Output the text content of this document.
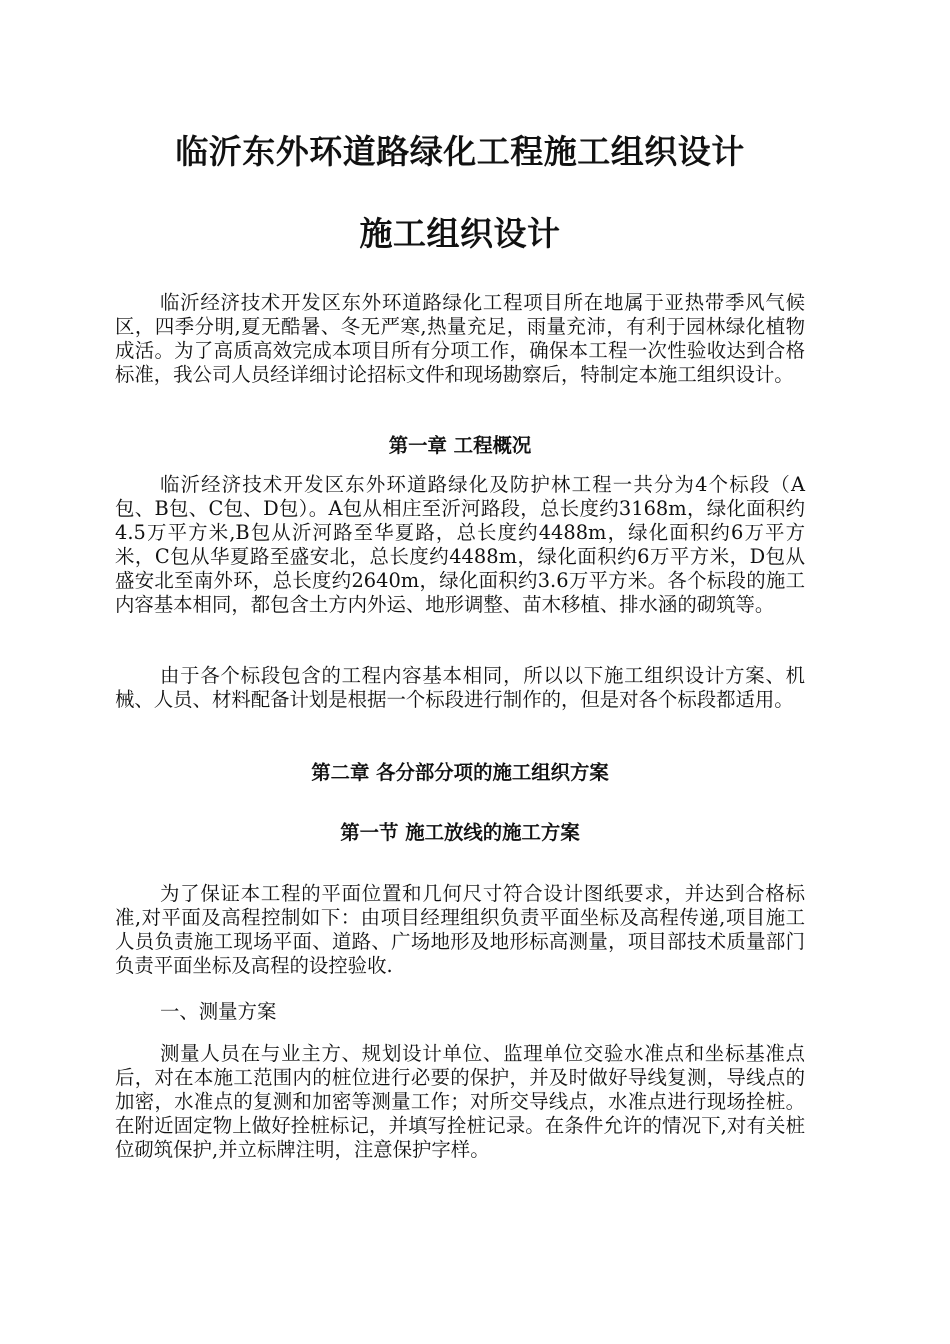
临沂东外环道路绿化工程施工组织设计
施工组织设计

临沂经济技术开发区东外环道路绿化工程项目所在地属于亚热带季风气候区，四季分明,夏无酷暑、冬无严寒,热量充足，雨量充沛，有利于园林绿化植物成活。为了高质高效完成本项目所有分项工作，确保本工程一次性验收达到合格标准，我公司人员经详细讨论招标文件和现场勘察后，特制定本施工组织设计。

第一章 工程概况

临沂经济技术开发区东外环道路绿化及防护林工程一共分为4个标段（A包、B包、C包、D包）。A包从相庄至沂河路段，总长度约3168m，绿化面积约4.5万平方米,B包从沂河路至华夏路，总长度约4488m，绿化面积约6万平方米，C包从华夏路至盛安北，总长度约4488m，绿化面积约6万平方米，D包从盛安北至南外环，总长度约2640m，绿化面积约3.6万平方米。各个标段的施工内容基本相同，都包含土方内外运、地形调整、苗木移植、排水涵的砌筑等。

由于各个标段包含的工程内容基本相同，所以以下施工组织设计方案、机械、人员、材料配备计划是根据一个标段进行制作的，但是对各个标段都适用。

第二章 各分部分项的施工组织方案
第一节 施工放线的施工方案

为了保证本工程的平面位置和几何尺寸符合设计图纸要求，并达到合格标准,对平面及高程控制如下：由项目经理组织负责平面坐标及高程传递,项目施工人员负责施工现场平面、道路、广场地形及地形标高测量，项目部技术质量部门负责平面坐标及高程的设控验收.

一、测量方案

测量人员在与业主方、规划设计单位、监理单位交验水准点和坐标基准点后，对在本施工范围内的桩位进行必要的保护，并及时做好导线复测，导线点的加密，水准点的复测和加密等测量工作；对所交导线点，水准点进行现场拴桩。在附近固定物上做好拴桩标记，并填写拴桩记录。在条件允许的情况下,对有关桩位砌筑保护,并立标牌注明，注意保护字样。
